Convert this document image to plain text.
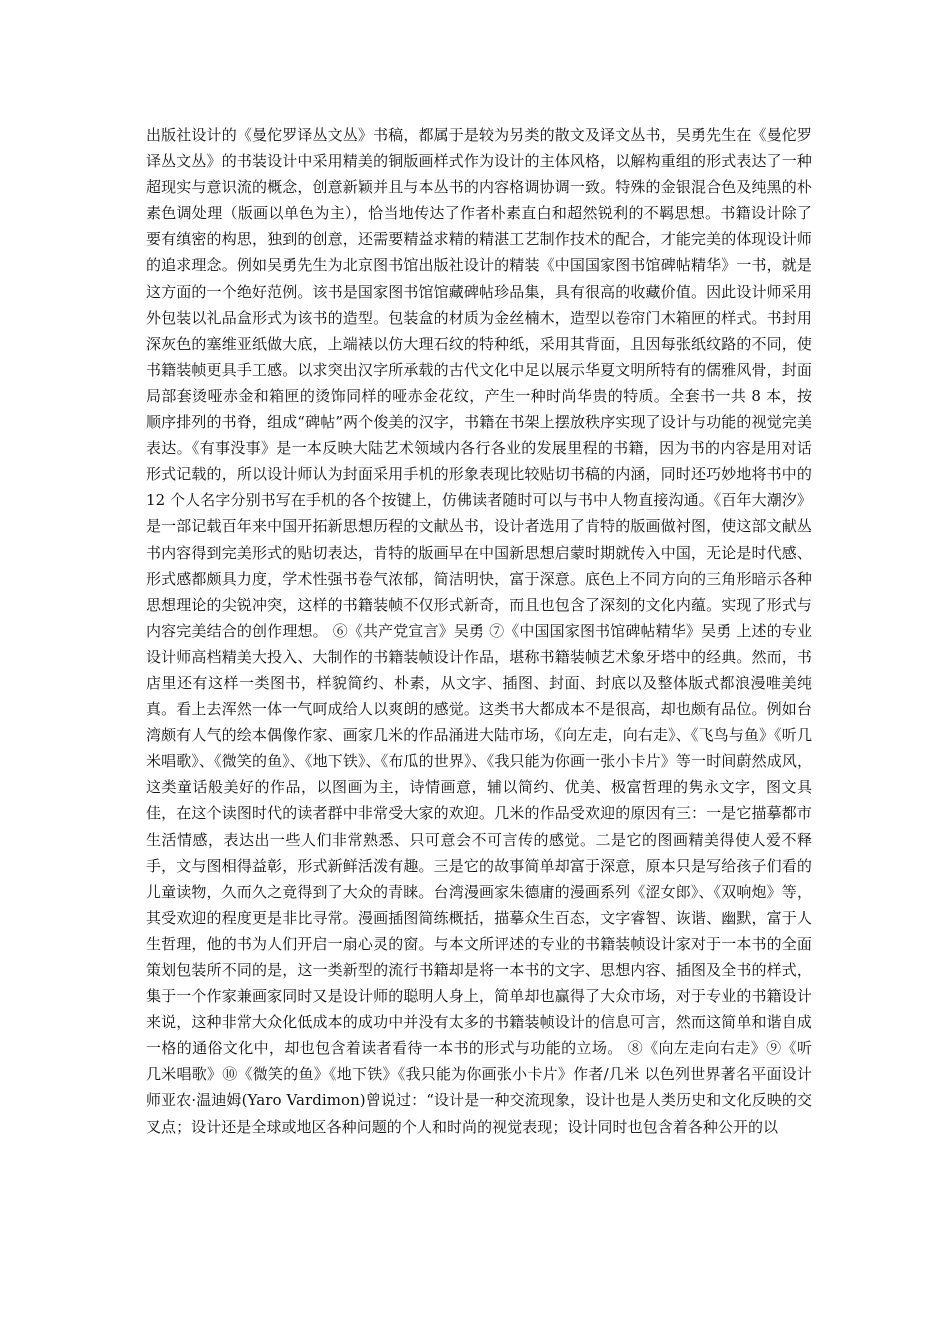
出版社设计的《曼佗罗译丛文丛》书稿，都属于是较为另类的散文及译文丛书，吴勇先生在《曼佗罗译丛文丛》的书装设计中采用精美的铜版画样式作为设计的主体风格，以解构重组的形式表达了一种超现实与意识流的概念，创意新颖并且与本丛书的内容格调协调一致。特殊的金银混合色及纯黑的朴素色调处理（版画以单色为主），恰当地传达了作者朴素直白和超然锐利的不羁思想。书籍设计除了要有缜密的构思，独到的创意，还需要精益求精的精湛工艺制作技术的配合，才能完美的体现设计师的追求理念。例如吴勇先生为北京图书馆出版社设计的精装《中国国家图书馆碑帖精华》一书，就是这方面的一个绝好范例。该书是国家图书馆馆藏碑帖珍品集，具有很高的收藏价值。因此设计师采用外包装以礼品盒形式为该书的造型。包装盒的材质为金丝楠木，造型以卷帘门木箱匣的样式。书封用深灰色的塞维亚纸做大底，上端裱以仿大理石纹的特种纸，采用其背面，且因每张纸纹路的不同，使书籍装帧更具手工感。以求突出汉字所承载的古代文化中足以展示华夏文明所特有的儒雅风骨，封面局部套烫哑赤金和箱匣的烫饰同样的哑赤金花纹，产生一种时尚华贵的特质。全套书一共 8 本，按顺序排列的书脊，组成“碑帖”两个俊美的汉字，书籍在书架上摆放秩序实现了设计与功能的视觉完美表达。《有事没事》是一本反映大陆艺术领域内各行各业的发展里程的书籍，因为书的内容是用对话形式记载的，所以设计师认为封面采用手机的形象表现比较贴切书稿的内涵，同时还巧妙地将书中的 12 个人名字分别书写在手机的各个按键上，仿佛读者随时可以与书中人物直接沟通。《百年大潮汐》是一部记载百年来中国开拓新思想历程的文献丛书，设计者选用了肯特的版画做衬图，使这部文献丛书内容得到完美形式的贴切表达，肯特的版画早在中国新思想启蒙时期就传入中国，无论是时代感、形式感都颇具力度，学术性强书卷气浓郁，简洁明快，富于深意。底色上不同方向的三角形暗示各种思想理论的尖锐冲突，这样的书籍装帧不仅形式新奇，而且也包含了深刻的文化内蕴。实现了形式与内容完美结合的创作理想。 ⑥《共产党宣言》吴勇 ⑦《中国国家图书馆碑帖精华》吴勇 上述的专业设计师高档精美大投入、大制作的书籍装帧设计作品，堪称书籍装帧艺术象牙塔中的经典。然而，书店里还有这样一类图书，样貌简约、朴素，从文字、插图、封面、封底以及整体版式都浪漫唯美纯真。看上去浑然一体一气呵成给人以爽朗的感觉。这类书大都成本不是很高，却也颇有品位。例如台湾颇有人气的绘本偶像作家、画家几米的作品涌进大陆市场，《向左走，向右走》、《飞鸟与鱼》《听几米唱歌》、《微笑的鱼》、《地下铁》、《布瓜的世界》、《我只能为你画一张小卡片》等一时间蔚然成风，这类童话般美好的作品，以图画为主，诗情画意，辅以简约、优美、极富哲理的隽永文字，图文具佳，在这个读图时代的读者群中非常受大家的欢迎。几米的作品受欢迎的原因有三：一是它描摹都市生活情感，表达出一些人们非常熟悉、只可意会不可言传的感觉。二是它的图画精美得使人爱不释手，文与图相得益彰，形式新鲜活泼有趣。三是它的故事简单却富于深意，原本只是写给孩子们看的儿童读物，久而久之竟得到了大众的青睐。台湾漫画家朱德庸的漫画系列《涩女郎》、《双响炮》等，其受欢迎的程度更是非比寻常。漫画插图简练概括，描摹众生百态，文字睿智、诙谐、幽默，富于人生哲理，他的书为人们开启一扇心灵的窗。与本文所评述的专业的书籍装帧设计家对于一本书的全面策划包装所不同的是，这一类新型的流行书籍却是将一本书的文字、思想内容、插图及全书的样式，集于一个作家兼画家同时又是设计师的聪明人身上，简单却也赢得了大众市场，对于专业的书籍设计来说，这种非常大众化低成本的成功中并没有太多的书籍装帧设计的信息可言，然而这简单和谐自成一格的通俗文化中，却也包含着读者看待一本书的形式与功能的立场。 ⑧《向左走向右走》⑨《听几米唱歌》⑩《微笑的鱼》《地下铁》《我只能为你画张小卡片》作者/几米 以色列世界著名平面设计师亚农·温迪姆(Yaro Vardimon)曾说过：“设计是一种交流现象，设计也是人类历史和文化反映的交叉点；设计还是全球或地区各种问题的个人和时尚的视觉表现；设计同时也包含着各种公开的以
